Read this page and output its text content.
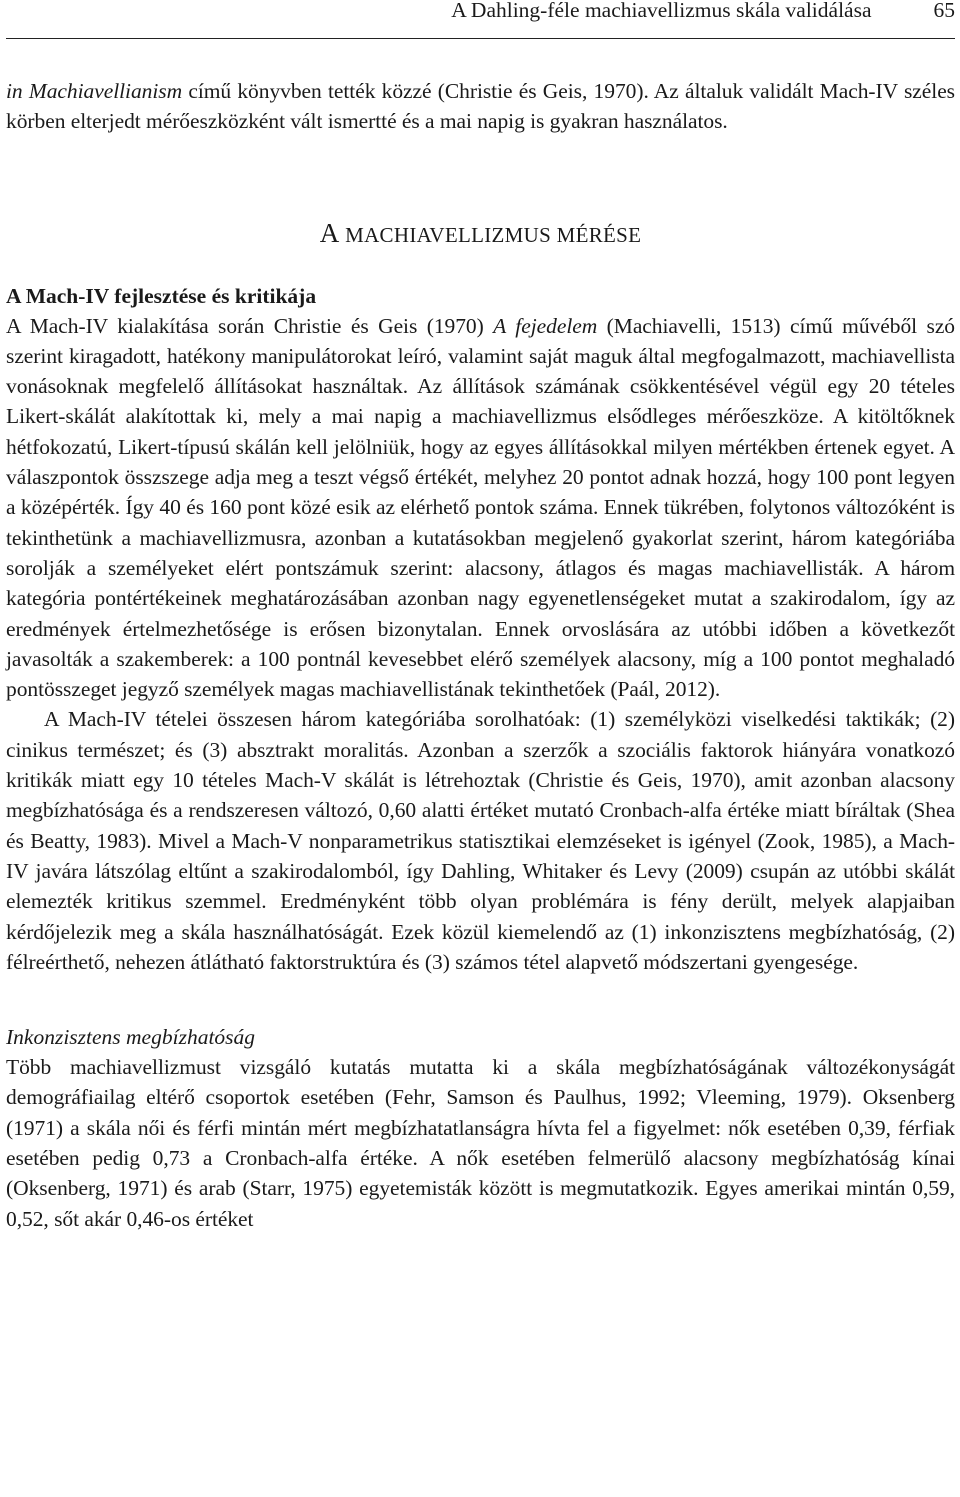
A Dahling-féle machiavellizmus skála validálása	65

in Machiavellianism című könyvben tették közzé (Christie és Geis, 1970). Az általuk validált Mach-IV széles körben elterjedt mérőeszközként vált ismertté és a mai napig is gyakran használatos.

A MACHIAVELLIZMUS MÉRÉSE
A Mach-IV fejlesztése és kritikája

A Mach-IV kialakítása során Christie és Geis (1970) A fejedelem (Machiavelli, 1513) című művéből szó szerint kiragadott, hatékony manipulátorokat leíró, valamint saját maguk által megfogalmazott, machiavellista vonásoknak megfelelő állításokat használtak. Az állítások számának csökkentésével végül egy 20 tételes Likert-skálát alakítottak ki, mely a mai napig a machiavellizmus elsődleges mérőeszköze. A kitöltőknek hétfokozatú, Likert-típusú skálán kell jelölniük, hogy az egyes állításokkal milyen mértékben értenek egyet. A válaszpontok összszege adja meg a teszt végső értékét, melyhez 20 pontot adnak hozzá, hogy 100 pont legyen a középérték. Így 40 és 160 pont közé esik az elérhető pontok száma. Ennek tükrében, folytonos változóként is tekinthetünk a machiavellizmusra, azonban a kutatásokban megjelenő gyakorlat szerint, három kategóriába sorolják a személyeket elért pontszámuk szerint: alacsony, átlagos és magas machiavellisták. A három kategória pontértékeinek meghatározásában azonban nagy egyenetlenségeket mutat a szakirodalom, így az eredmények értelmezhetősége is erősen bizonytalan. Ennek orvoslására az utóbbi időben a következőt javasolták a szakemberek: a 100 pontnál kevesebbet elérő személyek alacsony, míg a 100 pontot meghaladó pontösszeget jegyző személyek magas machiavellistának tekinthetőek (Paál, 2012).

A Mach-IV tételei összesen három kategóriába sorolhatóak: (1) személyközi viselkedési taktikák; (2) cinikus természet; és (3) absztrakt moralitás. Azonban a szerzők a szociális faktorok hiányára vonatkozó kritikák miatt egy 10 tételes Mach-V skálát is létrehoztak (Christie és Geis, 1970), amit azonban alacsony megbízhatósága és a rendszeresen változó, 0,60 alatti értéket mutató Cronbach-alfa értéke miatt bíráltak (Shea és Beatty, 1983). Mivel a Mach-V nonparametrikus statisztikai elemzéseket is igényel (Zook, 1985), a Mach-IV javára látszólag eltűnt a szakirodalomból, így Dahling, Whitaker és Levy (2009) csupán az utóbbi skálát elemezték kritikus szemmel. Eredményként több olyan problémára is fény derült, melyek alapjaiban kérdőjelezik meg a skála használhatóságát. Ezek közül kiemelendő az (1) inkonzisztens megbízhatóság, (2) félreérthető, nehezen átlátható faktorstruktúra és (3) számos tétel alapvető módszertani gyengesége.

Inkonzisztens megbízhatóság

Több machiavellizmust vizsgáló kutatás mutatta ki a skála megbízhatóságának változékonyságát demográfiailag eltérő csoportok esetében (Fehr, Samson és Paulhus, 1992; Vleeming, 1979). Oksenberg (1971) a skála női és férfi mintán mért megbízhatatlanságra hívta fel a figyelmet: nők esetében 0,39, férfiak esetében pedig 0,73 a Cronbach-alfa értéke. A nők esetében felmerülő alacsony megbízhatóság kínai (Oksenberg, 1971) és arab (Starr, 1975) egyetemisták között is megmutatkozik. Egyes amerikai mintán 0,59, 0,52, sőt akár 0,46-os értéket
